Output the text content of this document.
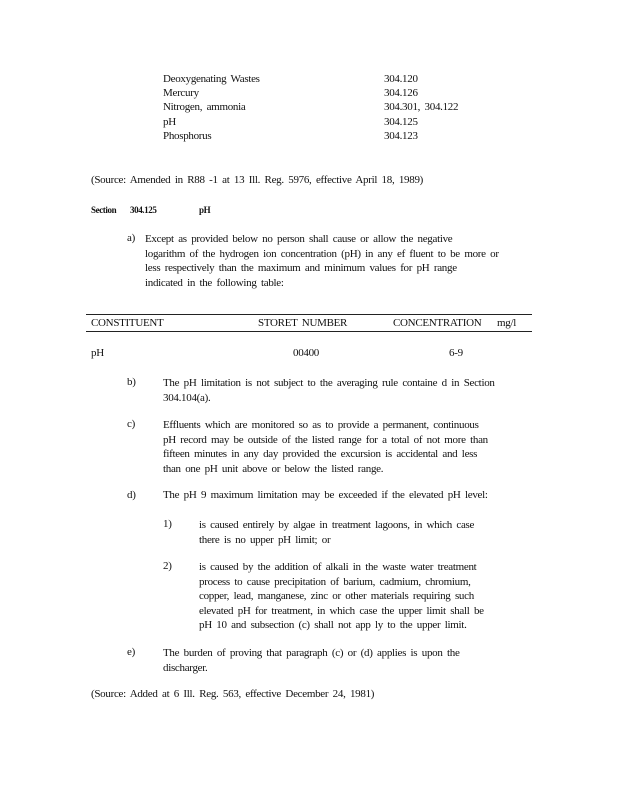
Deoxygenating Wastes	304.120
Mercury	304.126
Nitrogen, ammonia	304.301, 304.122
pH	304.125
Phosphorus	304.123
(Source: Amended in R88 -1 at 13 Ill. Reg. 5976, effective April 18, 1989)
Section 304.125	pH
a) Except as provided below no person shall cause or allow the negative
logarithm of the hydrogen ion concentration (pH) in any ef fluent to be more or
less respectively than the maximum and minimum values for pH range
indicated in the following table:
CONSTITUENT	STORET NUMBER	CONCENTRATION mg/l
pH	00400	6-9
b) The pH limitation is not subject to the averaging rule containe d in Section
304.104(a).
c)	Effluents which are monitored so as to provide a permanent, continuous
pH record may be outside of the listed range for a total of not more than
fifteen minutes in any day provided the excursion is accidental and less
than one pH unit above or below the listed range.
d) The pH 9 maximum limitation may be exceeded if the elevated pH level:
1) is caused entirely by algae in treatment lagoons, in which case
there is no upper pH limit; or
2) is caused by the addition of alkali in the waste water treatment
process to cause precipitation of barium, cadmium, chromium,
copper, lead, manganese, zinc or other materials requiring such
elevated pH for treatment, in which case the upper limit shall be
pH 10 and subsection (c) shall not app ly to the upper limit.
e)	The burden of proving that paragraph (c) or (d) applies is upon the
discharger.
(Source: Added at 6 Ill. Reg. 563, effective December 24, 1981)
